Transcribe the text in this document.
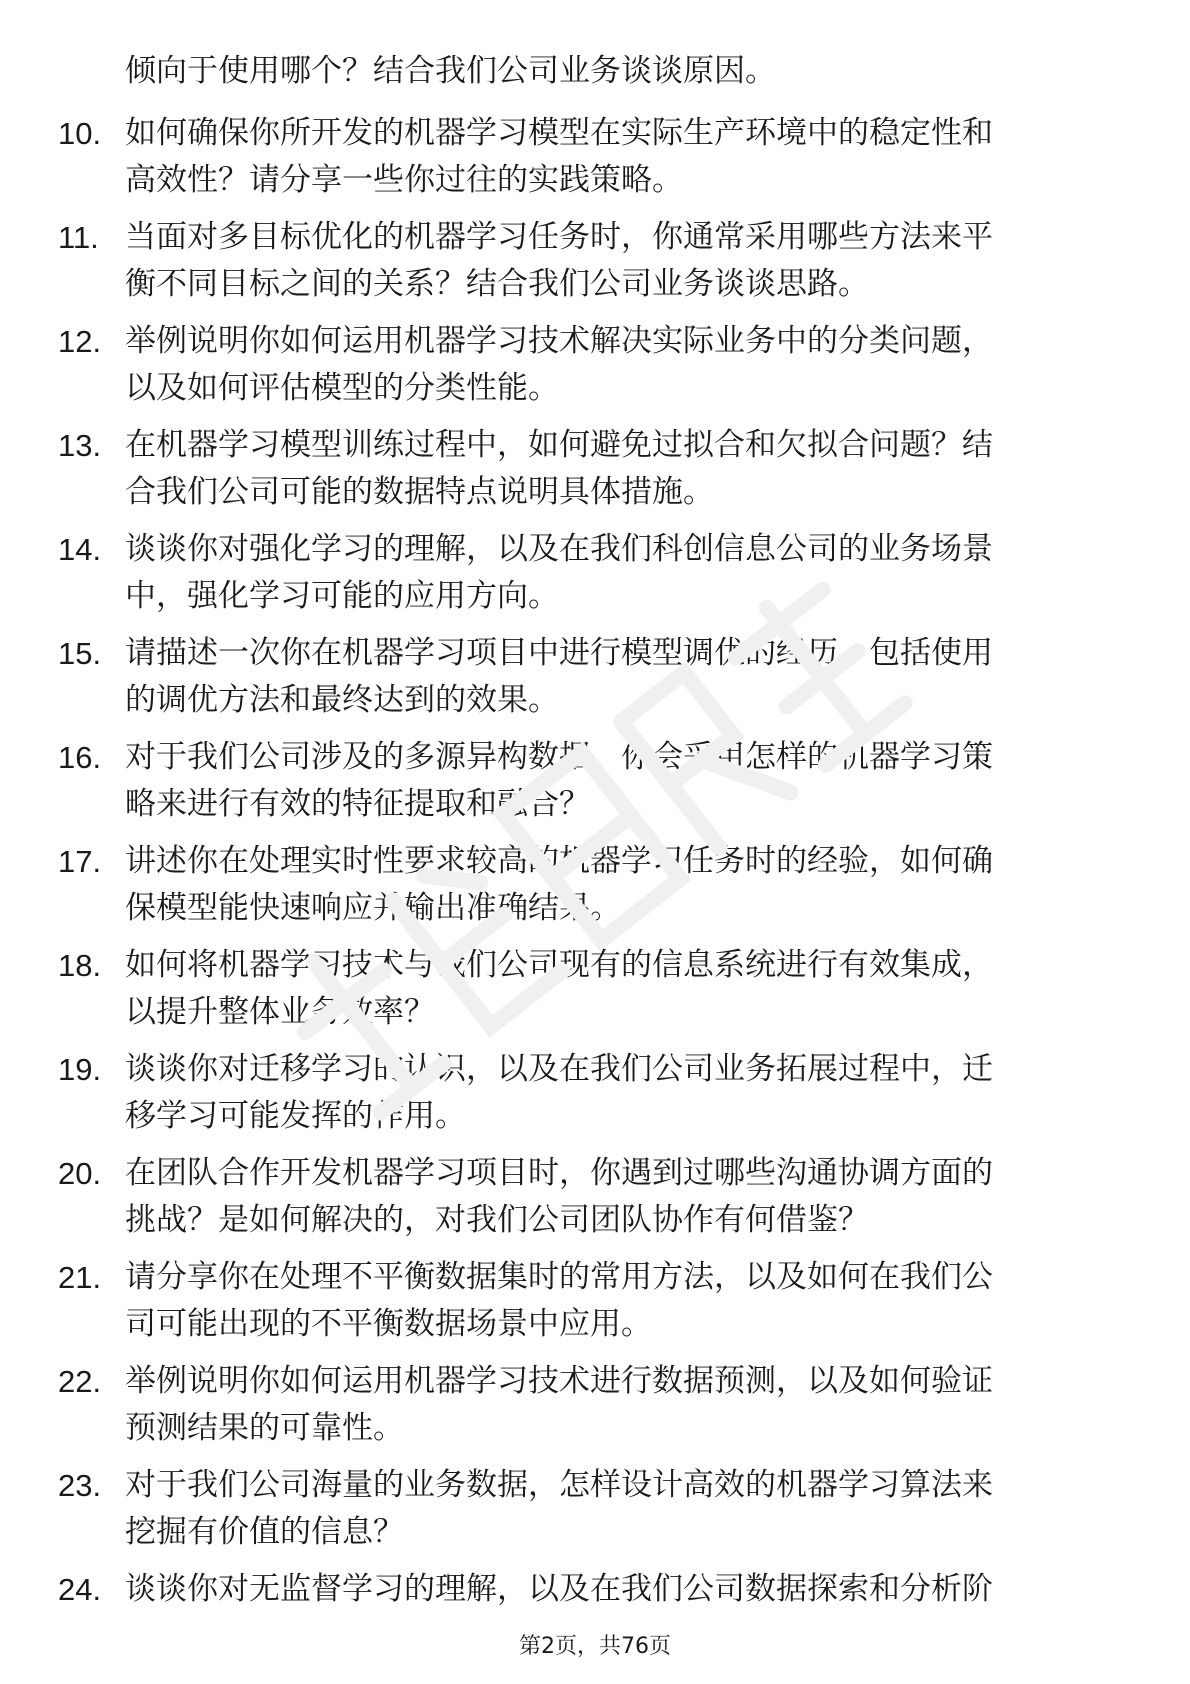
倾向于使用哪个？结合我们公司业务谈谈原因。
10. 如何确保你所开发的机器学习模型在实际生产环境中的稳定性和
高效性？请分享一些你过往的实践策略。
11. 当面对多目标优化的机器学习任务时，你通常采用哪些方法来平
衡不同目标之间的关系？结合我们公司业务谈谈思路。
12. 举例说明你如何运用机器学习技术解决实际业务中的分类问题，
以及如何评估模型的分类性能。
13. 在机器学习模型训练过程中，如何避免过拟合和欠拟合问题？结
合我们公司可能的数据特点说明具体措施。
14. 谈谈你对强化学习的理解，以及在我们科创信息公司的业务场景
中，强化学习可能的应用方向。
15. 请描述一次你在机器学习项目中进行模型调优的经历，包括使用
的调优方法和最终达到的效果。
16. 对于我们公司涉及的多源异构数据，你会采用怎样的机器学习策
略来进行有效的特征提取和融合？
17. 讲述你在处理实时性要求较高的机器学习任务时的经验，如何确
保模型能快速响应并输出准确结果。
18. 如何将机器学习技术与我们公司现有的信息系统进行有效集成，
以提升整体业务效率？
19. 谈谈你对迁移学习的认识，以及在我们公司业务拓展过程中，迁
移学习可能发挥的作用。
20. 在团队合作开发机器学习项目时，你遇到过哪些沟通协调方面的
挑战？是如何解决的，对我们公司团队协作有何借鉴？
21. 请分享你在处理不平衡数据集时的常用方法，以及如何在我们公
司可能出现的不平衡数据场景中应用。
22. 举例说明你如何运用机器学习技术进行数据预测，以及如何验证
预测结果的可靠性。
23. 对于我们公司海量的业务数据，怎样设计高效的机器学习算法来
挖掘有价值的信息？
24. 谈谈你对无监督学习的理解，以及在我们公司数据探索和分析阶
第2页，共76页
